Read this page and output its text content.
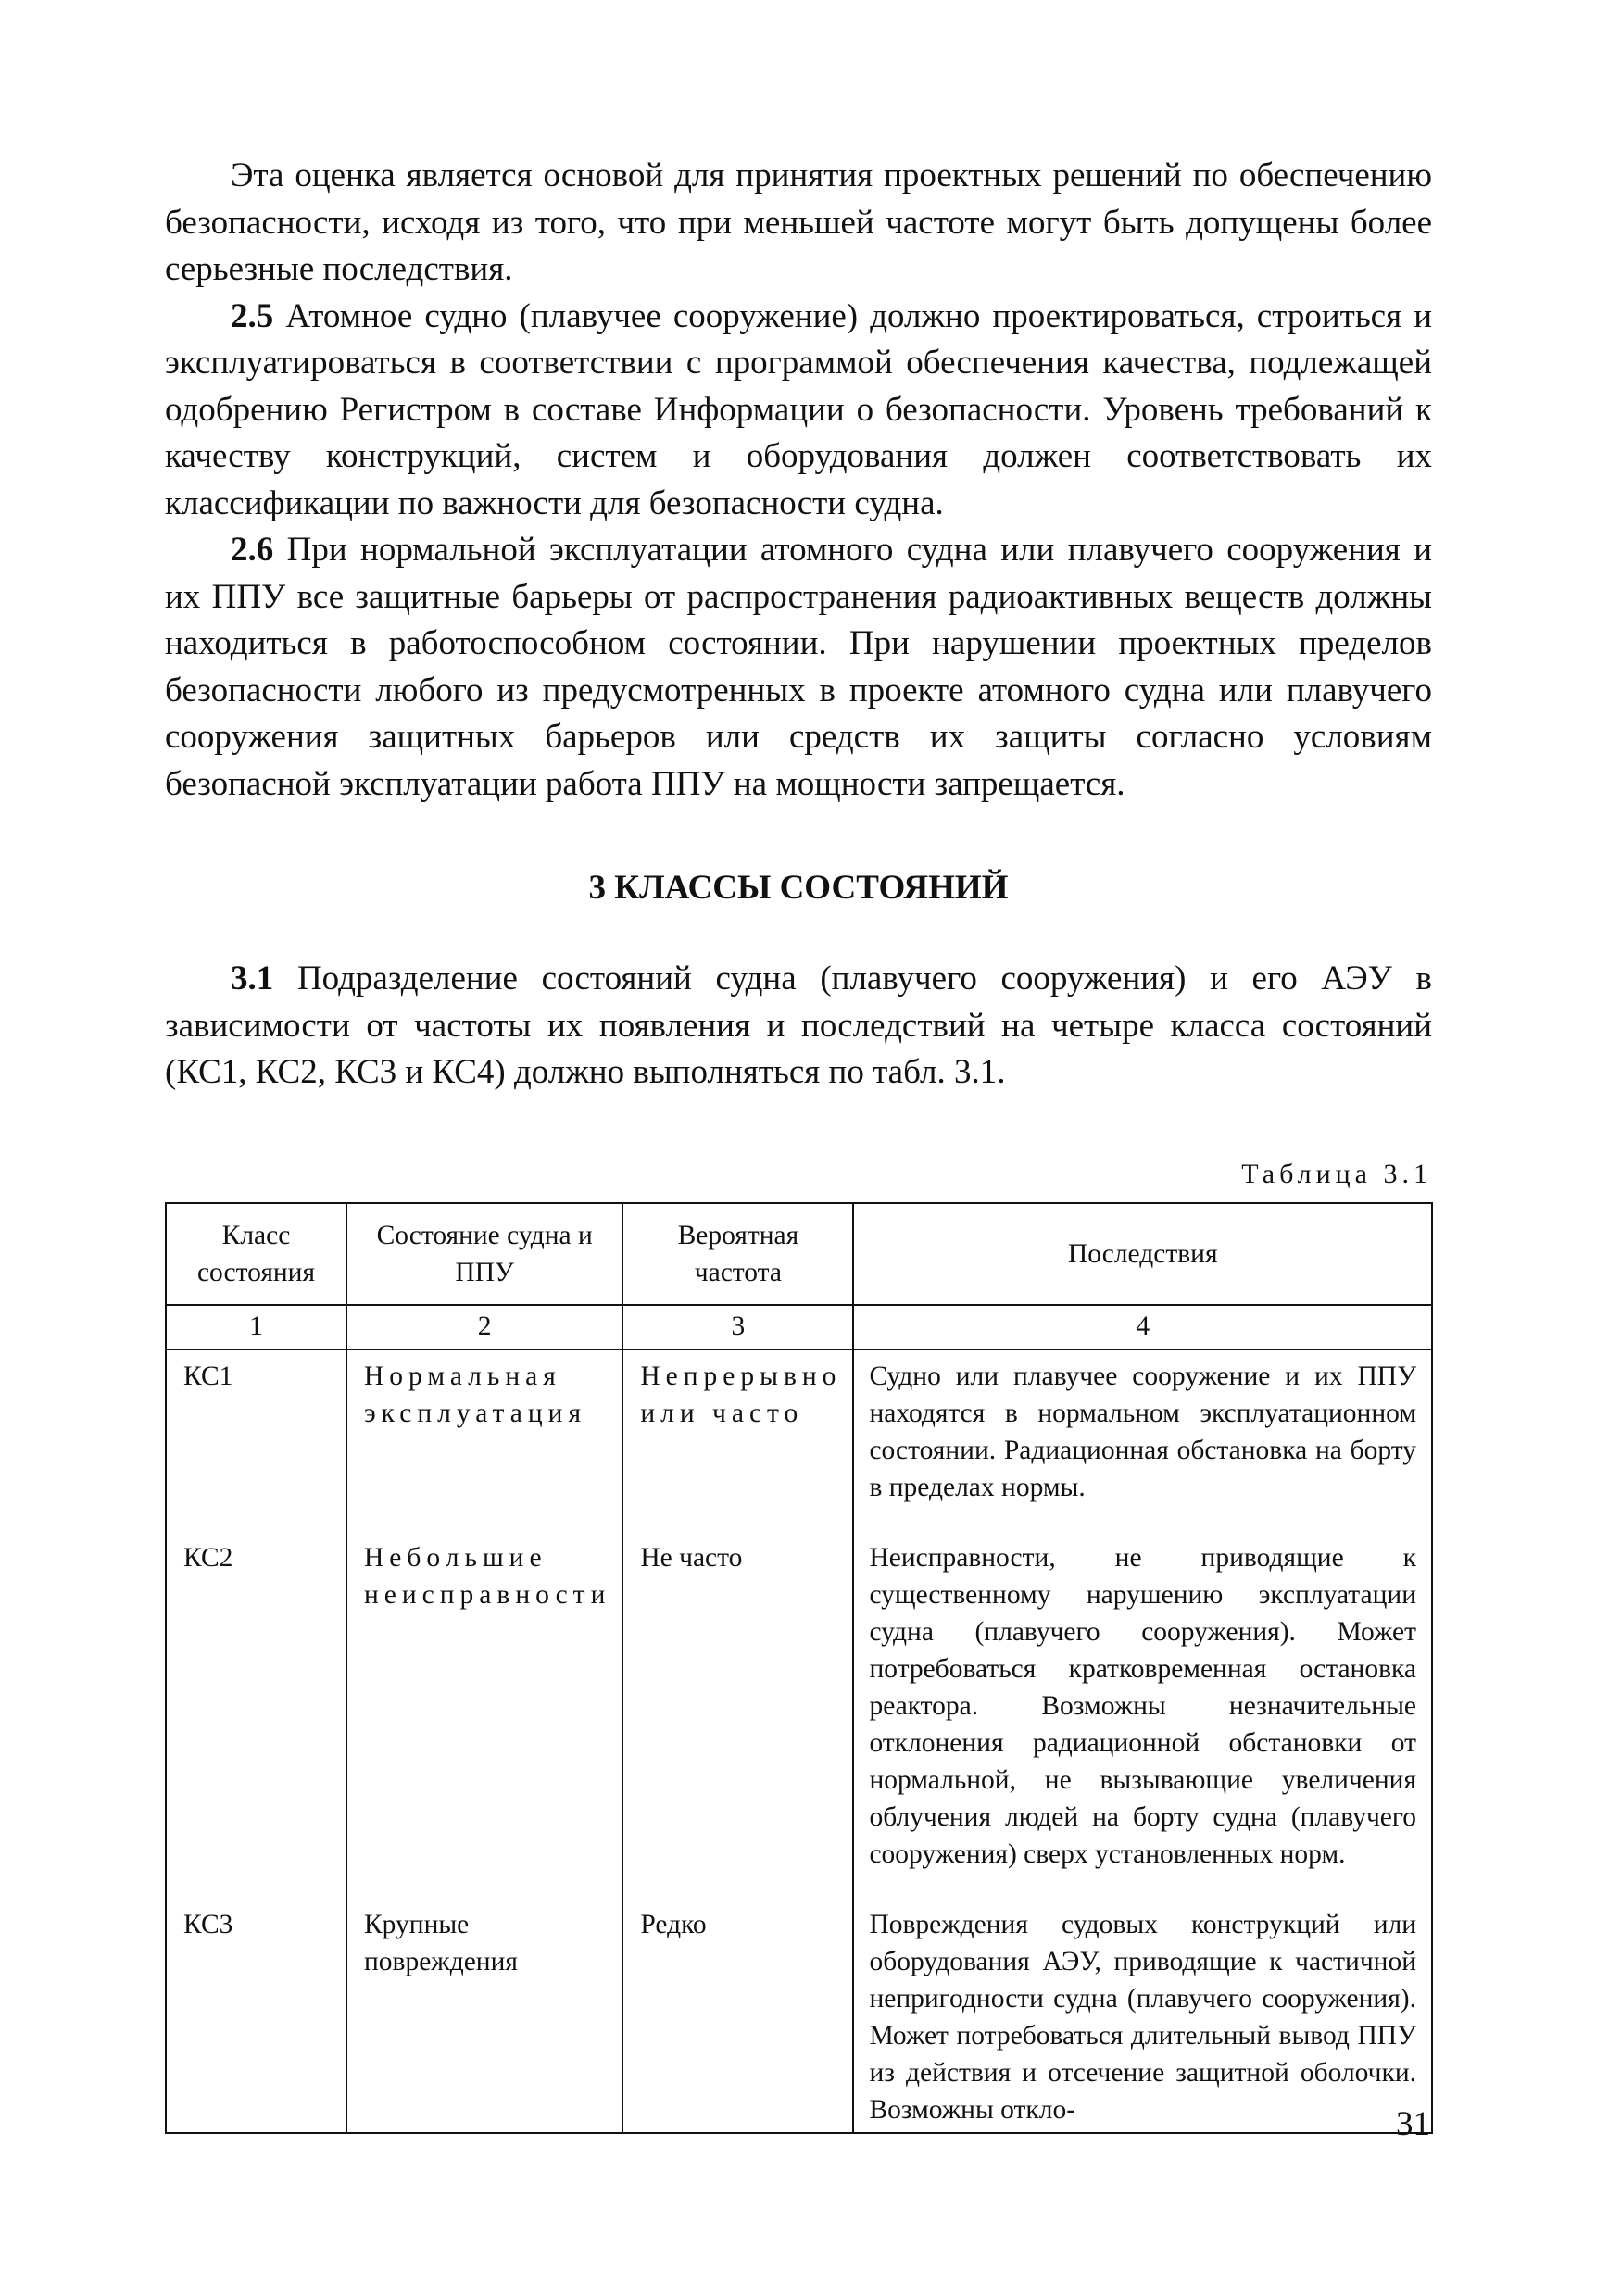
Эта оценка является основой для принятия проектных решений по обеспечению безопасности, исходя из того, что при меньшей частоте могут быть допущены более серьезные последствия.

2.5 Атомное судно (плавучее сооружение) должно проектироваться, строиться и эксплуатироваться в соответствии с программой обеспечения качества, подлежащей одобрению Регистром в составе Информации о безопасности. Уровень требований к качеству конструкций, систем и оборудования должен соответствовать их классификации по важности для безопасности судна.

2.6 При нормальной эксплуатации атомного судна или плавучего сооружения и их ППУ все защитные барьеры от распространения радиоактивных веществ должны находиться в работоспособном состоянии. При нарушении проектных пределов безопасности любого из предусмотренных в проекте атомного судна или плавучего сооружения защитных барьеров или средств их защиты согласно условиям безопасной эксплуатации работа ППУ на мощности запрещается.

3 КЛАССЫ СОСТОЯНИЙ

3.1 Подразделение состояний судна (плавучего сооружения) и его АЭУ в зависимости от частоты их появления и последствий на четыре класса состояний (КС1, КС2, КС3 и КС4) должно выполняться по табл. 3.1.

Таблица 3.1
Класс состояния	Состояние судна и ППУ	Вероятная частота	Последствия
1	2	3	4
КС1	Нормальная эксплуатация	Непрерывно или часто	Судно или плавучее сооружение и их ППУ находятся в нормальном эксплуатационном состоянии. Радиационная обстановка на борту в пределах нормы.
КС2	Небольшие неисправности	Не часто	Неисправности, не приводящие к существенному нарушению эксплуатации судна (плавучего сооружения). Может потребоваться кратковременная остановка реактора. Возможны незначительные отклонения радиационной обстановки от нормальной, не вызывающие увеличения облучения людей на борту судна (плавучего сооружения) сверх установленных норм.
КС3	Крупные повреждения	Редко	Повреждения судовых конструкций или оборудования АЭУ, приводящие к частичной непригодности судна (плавучего сооружения). Может потребоваться длительный вывод ППУ из действия и отсечение защитной оболочки. Возможны откло-	31
